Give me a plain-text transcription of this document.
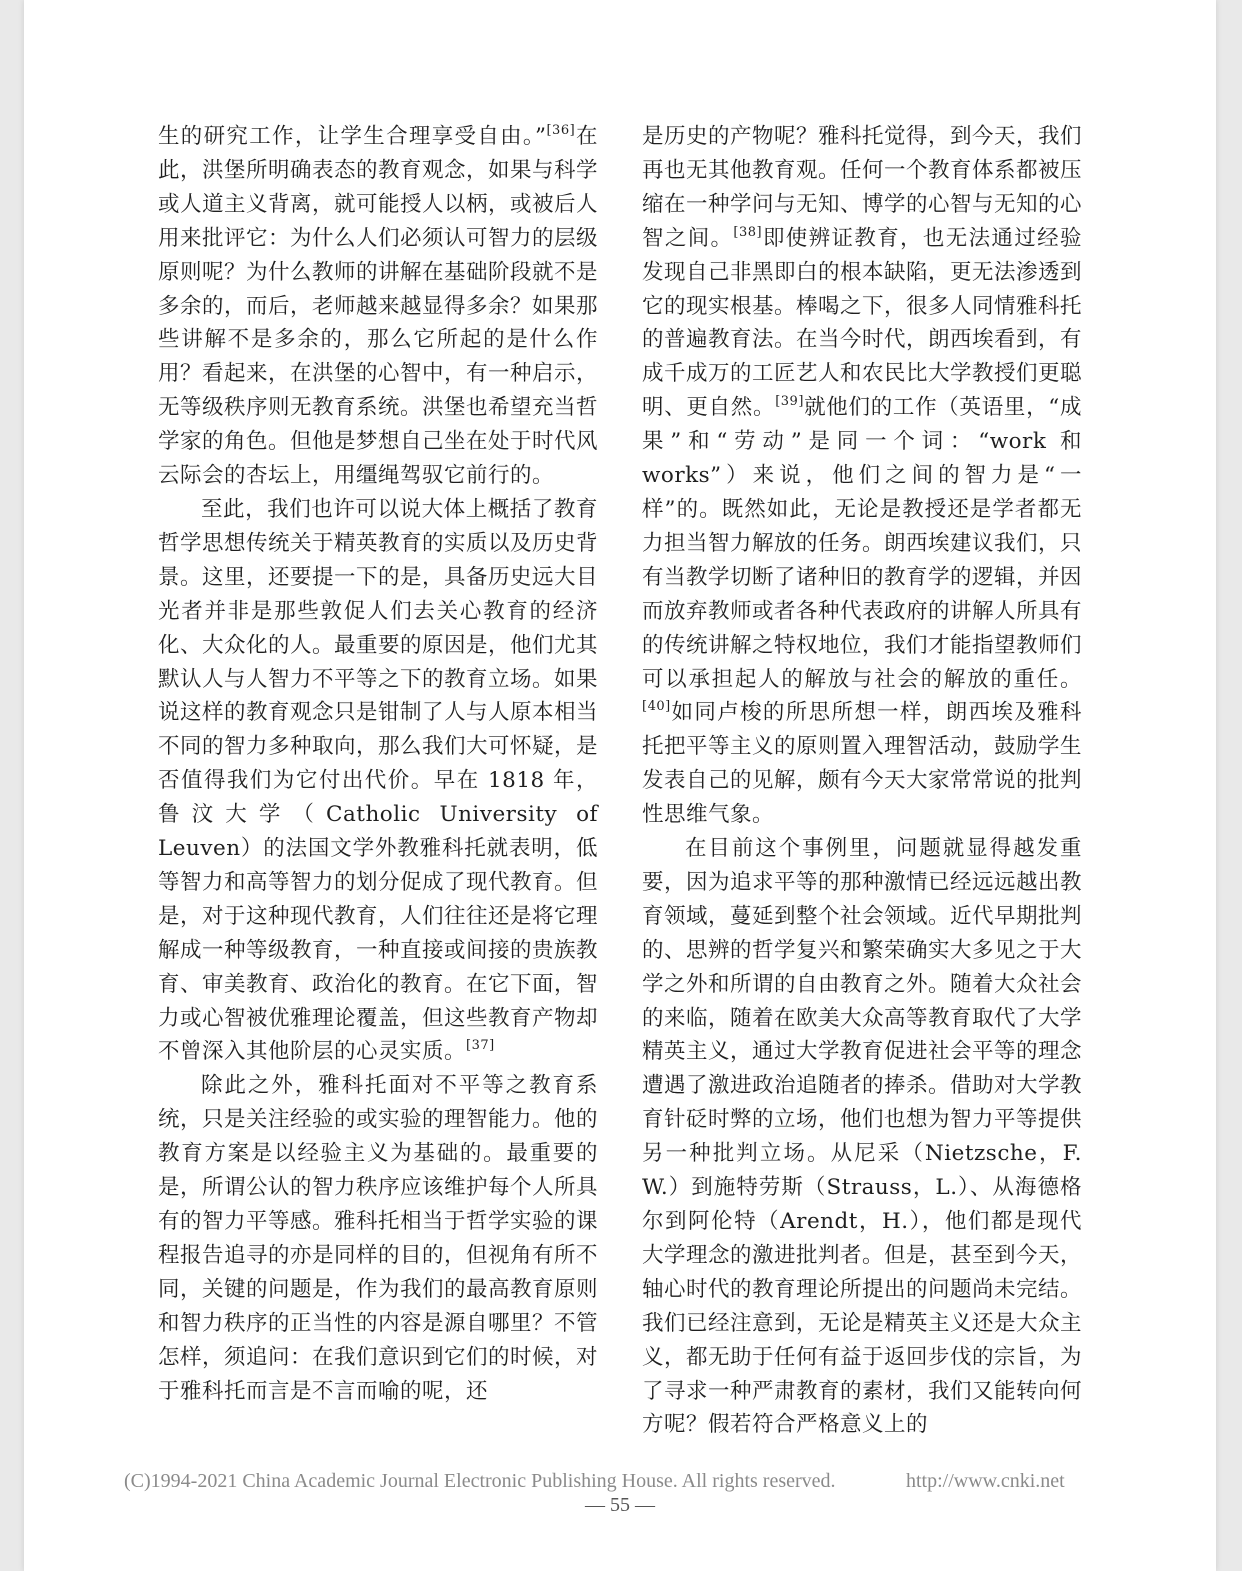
生的研究工作，让学生合理享受自由。”[36]在此，洪堡所明确表态的教育观念，如果与科学或人道主义背离，就可能授人以柄，或被后人用来批评它：为什么人们必须认可智力的层级原则呢？为什么教师的讲解在基础阶段就不是多余的，而后，老师越来越显得多余？如果那些讲解不是多余的，那么它所起的是什么作用？看起来，在洪堡的心智中，有一种启示，无等级秩序则无教育系统。洪堡也希望充当哲学家的角色。但他是梦想自己坐在处于时代风云际会的杏坛上，用缰绳驾驭它前行的。

至此，我们也许可以说大体上概括了教育哲学思想传统关于精英教育的实质以及历史背景。这里，还要提一下的是，具备历史远大目光者并非是那些敦促人们去关心教育的经济化、大众化的人。最重要的原因是，他们尤其默认人与人智力不平等之下的教育立场。如果说这样的教育观念只是钳制了人与人原本相当不同的智力多种取向，那么我们大可怀疑，是否值得我们为它付出代价。早在 1818 年，鲁汶大学（Catholic University of Leuven）的法国文学外教雅科托就表明，低等智力和高等智力的划分促成了现代教育。但是，对于这种现代教育，人们往往还是将它理解成一种等级教育，一种直接或间接的贵族教育、审美教育、政治化的教育。在它下面，智力或心智被优雅理论覆盖，但这些教育产物却不曾深入其他阶层的心灵实质。[37]

除此之外，雅科托面对不平等之教育系统，只是关注经验的或实验的理智能力。他的教育方案是以经验主义为基础的。最重要的是，所谓公认的智力秩序应该维护每个人所具有的智力平等感。雅科托相当于哲学实验的课程报告追寻的亦是同样的目的，但视角有所不同，关键的问题是，作为我们的最高教育原则和智力秩序的正当性的内容是源自哪里？不管怎样，须追问：在我们意识到它们的时候，对于雅科托而言是不言而喻的呢，还

是历史的产物呢？雅科托觉得，到今天，我们再也无其他教育观。任何一个教育体系都被压缩在一种学问与无知、博学的心智与无知的心智之间。[38]即使辨证教育，也无法通过经验发现自己非黑即白的根本缺陷，更无法渗透到它的现实根基。棒喝之下，很多人同情雅科托的普遍教育法。在当今时代，朗西埃看到，有成千成万的工匠艺人和农民比大学教授们更聪明、更自然。[39]就他们的工作（英语里，“成果”和“劳动”是同一个词：“work 和 works”）来说，他们之间的智力是“一样”的。既然如此，无论是教授还是学者都无力担当智力解放的任务。朗西埃建议我们，只有当教学切断了诸种旧的教育学的逻辑，并因而放弃教师或者各种代表政府的讲解人所具有的传统讲解之特权地位，我们才能指望教师们可以承担起人的解放与社会的解放的重任。[40]如同卢梭的所思所想一样，朗西埃及雅科托把平等主义的原则置入理智活动，鼓励学生发表自己的见解，颇有今天大家常常说的批判性思维气象。

在目前这个事例里，问题就显得越发重要，因为追求平等的那种激情已经远远越出教育领域，蔓延到整个社会领域。近代早期批判的、思辨的哲学复兴和繁荣确实大多见之于大学之外和所谓的自由教育之外。随着大众社会的来临，随着在欧美大众高等教育取代了大学精英主义，通过大学教育促进社会平等的理念遭遇了激进政治追随者的捧杀。借助对大学教育针砭时弊的立场，他们也想为智力平等提供另一种批判立场。从尼采（Nietzsche，F. W.）到施特劳斯（Strauss，L.）、从海德格尔到阿伦特（Arendt，H.），他们都是现代大学理念的激进批判者。但是，甚至到今天，轴心时代的教育理论所提出的问题尚未完结。我们已经注意到，无论是精英主义还是大众主义，都无助于任何有益于返回步伐的宗旨，为了寻求一种严肃教育的素材，我们又能转向何方呢？假若符合严格意义上的

(C)1994-2021 China Academic Journal Electronic Publishing House. All rights reserved.	http://www.cnki.net
— 55 —
